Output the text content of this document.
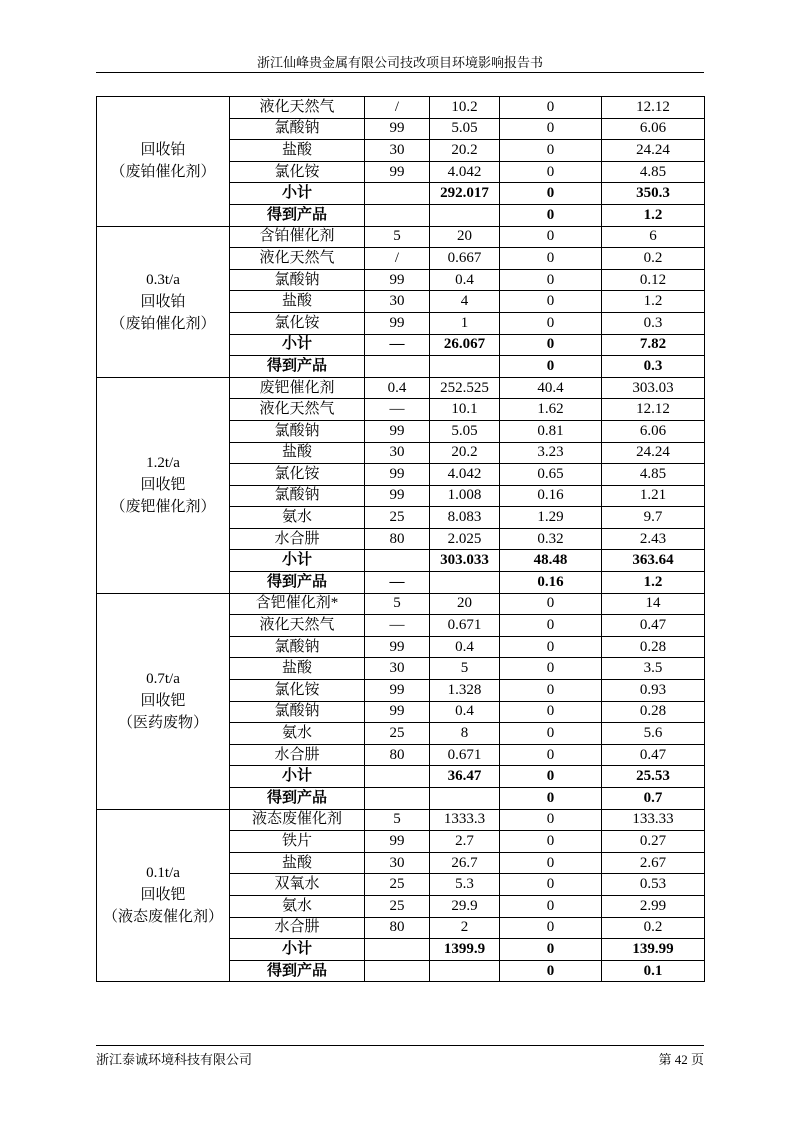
浙江仙峰贵金属有限公司技改项目环境影响报告书
回收铂
（废铂催化剂）	液化天然气	/	10.2	0	12.12
	氯酸钠	99	5.05	0	6.06
	盐酸	30	20.2	0	24.24
	氯化铵	99	4.042	0	4.85
	小计		292.017	0	350.3
	得到产品			0	1.2

0.3t/a
回收铂
（废铂催化剂）	含铂催化剂	5	20	0	6
	液化天然气	/	0.667	0	0.2
	氯酸钠	99	0.4	0	0.12
	盐酸	30	4	0	1.2
	氯化铵	99	1	0	0.3
	小计	—	26.067	0	7.82
	得到产品			0	0.3

1.2t/a
回收钯
（废钯催化剂）	废钯催化剂	0.4	252.525	40.4	303.03
	液化天然气	—	10.1	1.62	12.12
	氯酸钠	99	5.05	0.81	6.06
	盐酸	30	20.2	3.23	24.24
	氯化铵	99	4.042	0.65	4.85
	氯酸钠	99	1.008	0.16	1.21
	氨水	25	8.083	1.29	9.7
	水合肼	80	2.025	0.32	2.43
	小计		303.033	48.48	363.64
	得到产品	—		0.16	1.2

0.7t/a
回收钯
（医药废物）	含钯催化剂*	5	20	0	14
	液化天然气	—	0.671	0	0.47
	氯酸钠	99	0.4	0	0.28
	盐酸	30	5	0	3.5
	氯化铵	99	1.328	0	0.93
	氯酸钠	99	0.4	0	0.28
	氨水	25	8	0	5.6
	水合肼	80	0.671	0	0.47
	小计		36.47	0	25.53
	得到产品			0	0.7

0.1t/a
回收钯
（液态废催化剂）	液态废催化剂	5	1333.3	0	133.33
	铁片	99	2.7	0	0.27
	盐酸	30	26.7	0	2.67
	双氧水	25	5.3	0	0.53
	氨水	25	29.9	0	2.99
	水合肼	80	2	0	0.2
	小计		1399.9	0	139.99
	得到产品			0	0.1
浙江泰诚环境科技有限公司	第 42 页
